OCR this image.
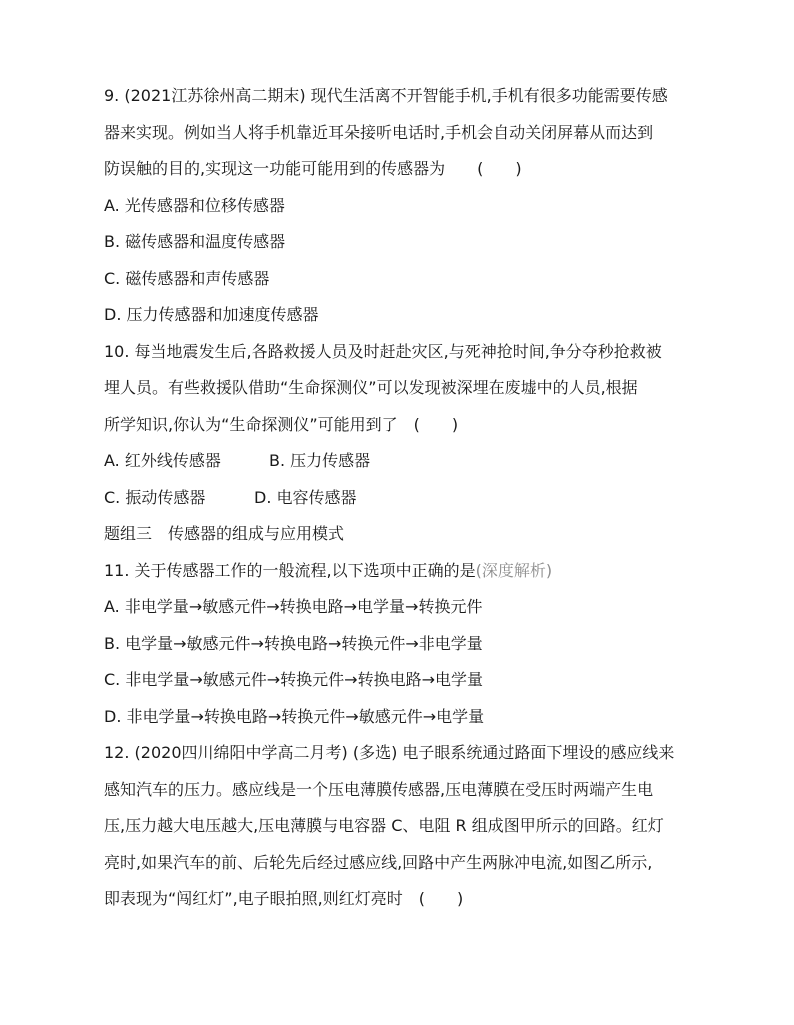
9. (2021江苏徐州高二期末) 现代生活离不开智能手机,手机有很多功能需要传感
器来实现。例如当人将手机靠近耳朵接听电话时,手机会自动关闭屏幕从而达到
防误触的目的,实现这一功能可能用到的传感器为　　(　　)
A. 光传感器和位移传感器
B. 磁传感器和温度传感器
C. 磁传感器和声传感器
D. 压力传感器和加速度传感器
10. 每当地震发生后,各路救援人员及时赶赴灾区,与死神抢时间,争分夺秒抢救被
埋人员。有些救援队借助“生命探测仪”可以发现被深埋在废墟中的人员,根据
所学知识,你认为“生命探测仪”可能用到了　(　　)
A. 红外线传感器	B. 压力传感器
C. 振动传感器	D. 电容传感器
题组三　传感器的组成与应用模式
11. 关于传感器工作的一般流程,以下选项中正确的是(深度解析)
A. 非电学量→敏感元件→转换电路→电学量→转换元件
B. 电学量→敏感元件→转换电路→转换元件→非电学量
C. 非电学量→敏感元件→转换元件→转换电路→电学量
D. 非电学量→转换电路→转换元件→敏感元件→电学量
12. (2020四川绵阳中学高二月考) (多选) 电子眼系统通过路面下埋设的感应线来
感知汽车的压力。感应线是一个压电薄膜传感器,压电薄膜在受压时两端产生电
压,压力越大电压越大,压电薄膜与电容器 C、电阻 R 组成图甲所示的回路。红灯
亮时,如果汽车的前、后轮先后经过感应线,回路中产生两脉冲电流,如图乙所示,
即表现为“闯红灯”,电子眼拍照,则红灯亮时　(　　)
